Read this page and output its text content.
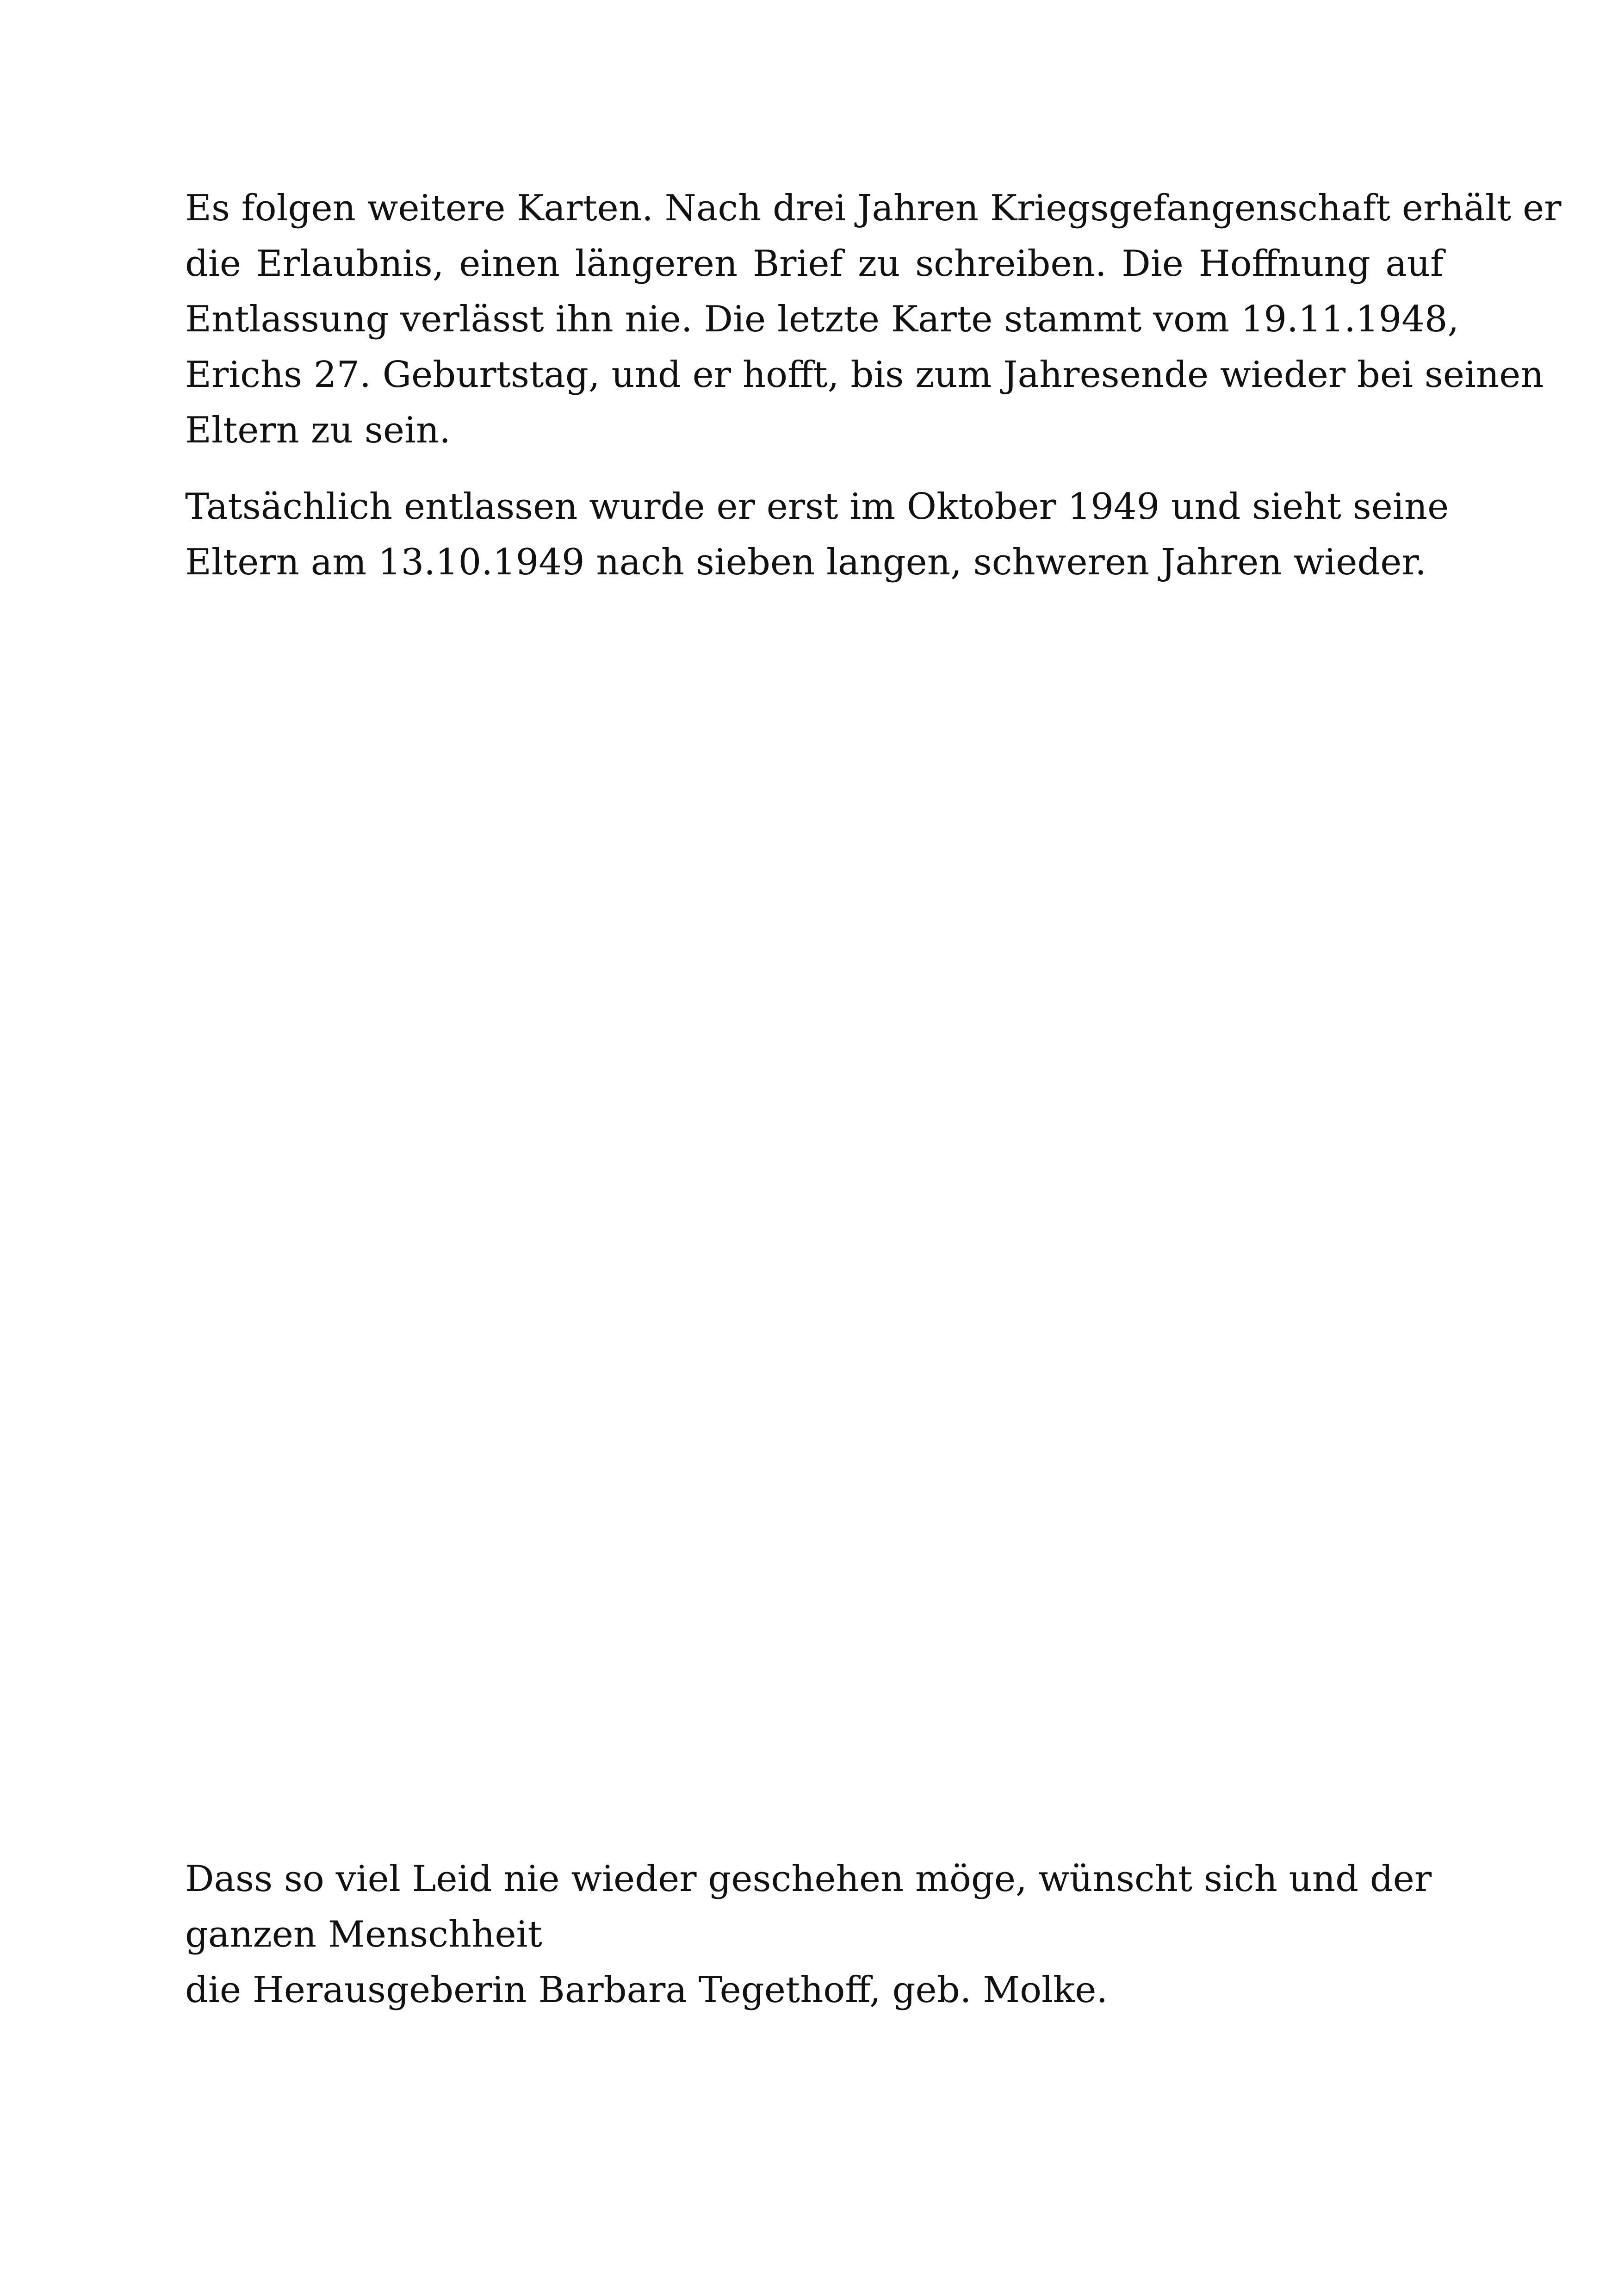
Es folgen weitere Karten. Nach drei Jahren Kriegsgefangenschaft erhält er
die Erlaubnis, einen längeren Brief zu schreiben. Die Hoffnung auf
Entlassung verlässt ihn nie. Die letzte Karte stammt vom 19.11.1948,
Erichs 27. Geburtstag, und er hofft, bis zum Jahresende wieder bei seinen
Eltern zu sein.
Tatsächlich entlassen wurde er erst im Oktober 1949 und sieht seine
Eltern am 13.10.1949 nach sieben langen, schweren Jahren wieder.
Dass so viel Leid nie wieder geschehen möge, wünscht sich und der
ganzen Menschheit
die Herausgeberin Barbara Tegethoff, geb. Molke.
